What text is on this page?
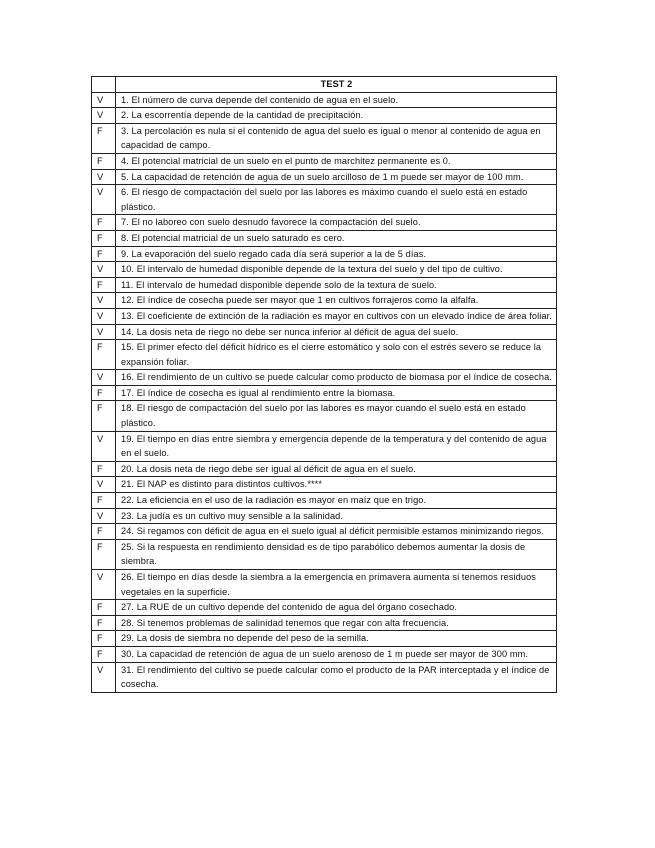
	TEST 2
V	1. El número de curva depende del contenido de agua en el suelo.
V	2. La escorrentía depende de la cantidad de precipitación.
F	3. La percolación es nula si el contenido de agua del suelo es igual o menor al contenido de agua en capacidad de campo.
F	4. El potencial matricial de un suelo en el punto de marchitez permanente es 0.
V	5. La capacidad de retención de agua de un suelo arcilloso de 1 m puede ser mayor de 100 mm.
V	6. El riesgo de compactación del suelo por las labores es máximo cuando el suelo está en estado plástico.
F	7. El no laboreo con suelo desnudo favorece la compactación del suelo.
F	8. El potencial matricial de un suelo saturado es cero.
F	9. La evaporación del suelo regado cada día será superior a la de 5 días.
V	10. El intervalo de humedad disponible depende de la textura del suelo y del tipo de cultivo.
F	11. El intervalo de humedad disponible depende solo de la textura de suelo.
V	12. El índice de cosecha puede ser mayor que 1 en cultivos forrajeros como la alfalfa.
V	13. El coeficiente de extinción de la radiación es mayor en cultivos con un elevado índice de área foliar.
V	14. La dosis neta de riego no debe ser nunca inferior al déficit de agua del suelo.
F	15. El primer efecto del déficit hídrico es el cierre estomático y solo con el estrés severo se reduce la expansión foliar.
V	16. El rendimiento de un cultivo se puede calcular como producto de biomasa por el índice de cosecha.
F	17. El índice de cosecha es igual al rendimiento entre la biomasa.
F	18. El riesgo de compactación del suelo por las labores es mayor cuando el suelo está en estado plástico.
V	19. El tiempo en días entre siembra y emergencia depende de la temperatura y del contenido de agua en el suelo.
F	20. La dosis neta de riego debe ser igual al déficit de agua en el suelo.
V	21. El NAP es distinto para distintos cultivos.****
F	22. La eficiencia en el uso de la radiación es mayor en maíz que en trigo.
V	23. La judía es un cultivo muy sensible a la salinidad.
F	24. Si regamos con déficit de agua en el suelo igual al déficit permisible estamos minimizando riegos.
F	25. Si la respuesta en rendimiento densidad es de tipo parabólico debemos aumentar la dosis de siembra.
V	26. El tiempo en días desde la siembra a la emergencia en primavera aumenta si tenemos residuos vegetales en la superficie.
F	27. La RUE de un cultivo depende del contenido de agua del órgano cosechado.
F	28. Si tenemos problemas de salinidad tenemos que regar con alta frecuencia.
F	29. La dosis de siembra no depende del peso de la semilla.
F	30. La capacidad de retención de agua de un suelo arenoso de 1 m puede ser mayor de 300 mm.
V	31. El rendimiento del cultivo se puede calcular como el producto de la PAR interceptada y el índice de cosecha.
